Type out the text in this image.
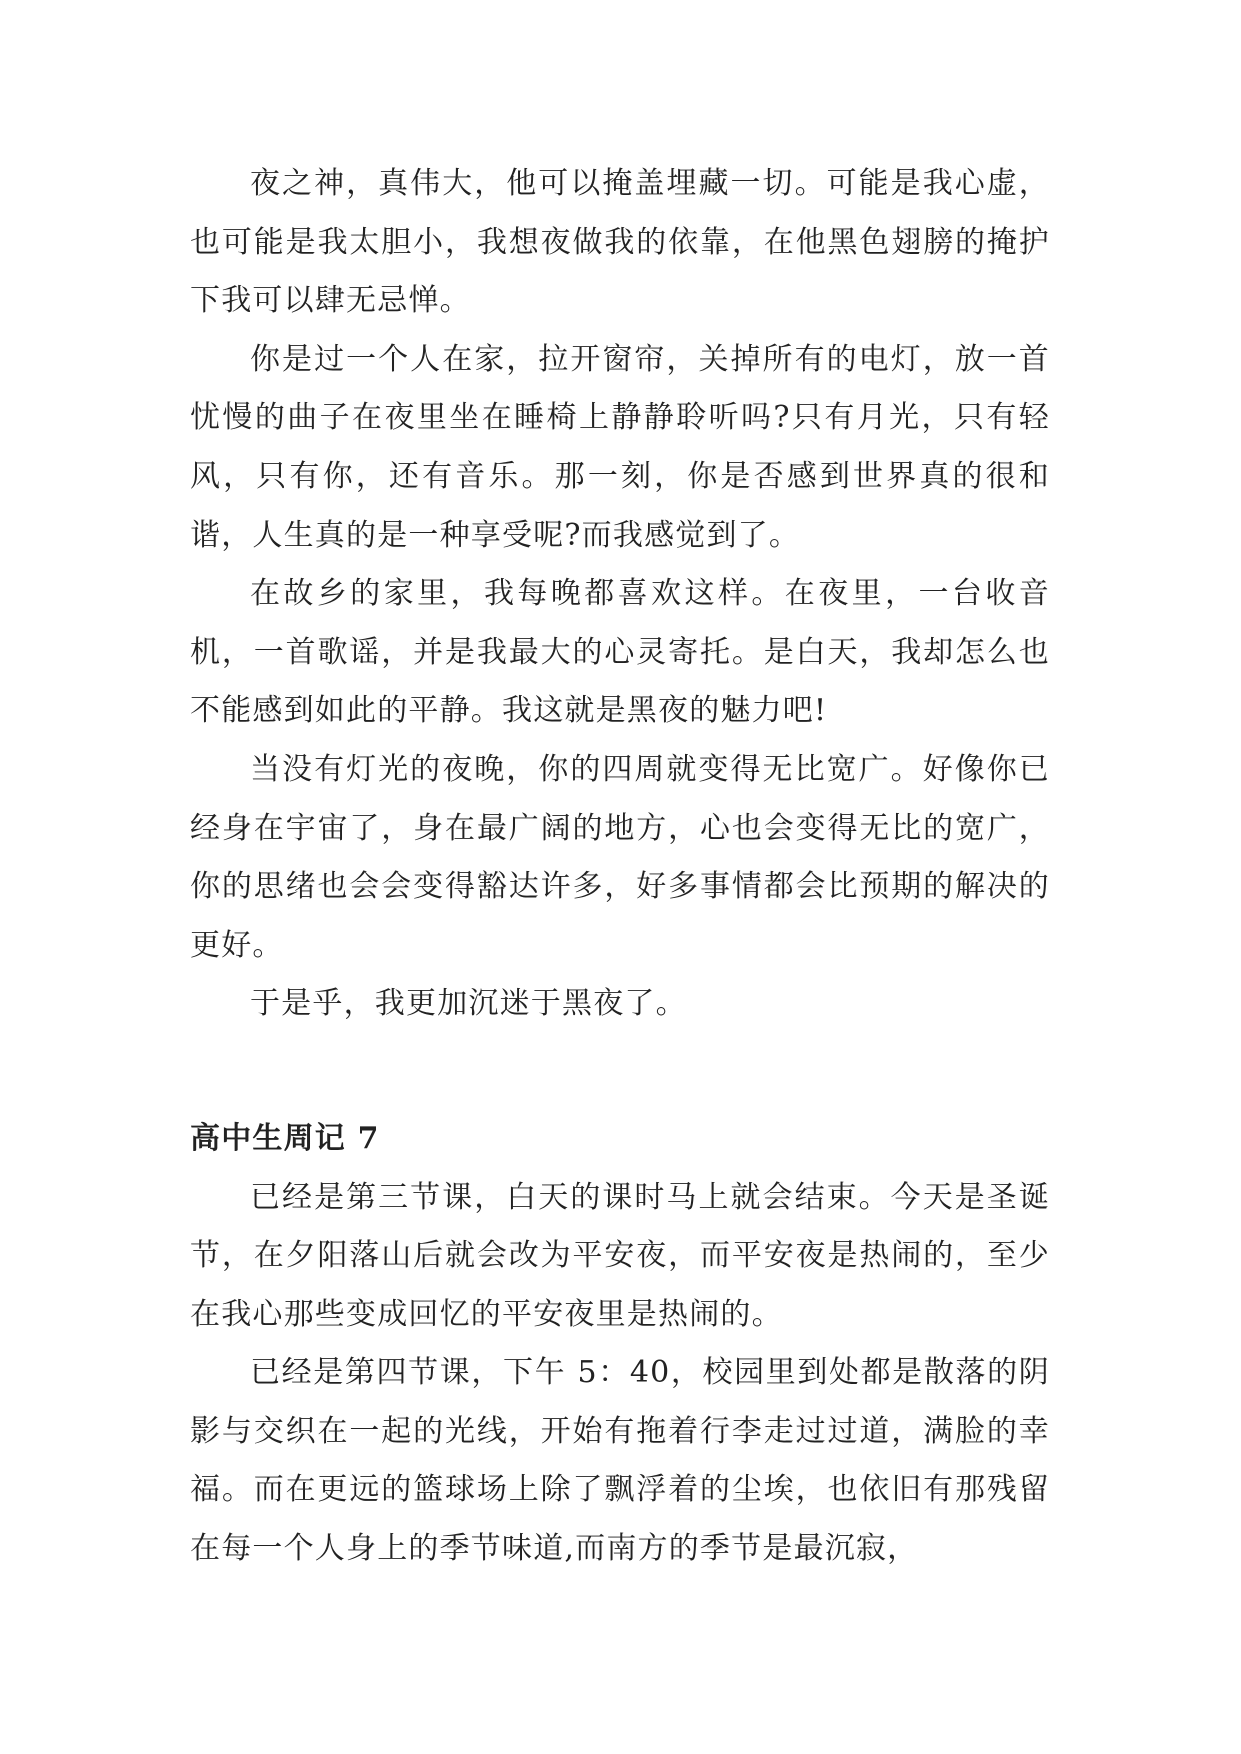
夜之神，真伟大，他可以掩盖埋藏一切。可能是我心虚，也可能是我太胆小，我想夜做我的依靠，在他黑色翅膀的掩护下我可以肆无忌惮。

你是过一个人在家，拉开窗帘，关掉所有的电灯，放一首忧慢的曲子在夜里坐在睡椅上静静聆听吗?只有月光，只有轻风，只有你，还有音乐。那一刻，你是否感到世界真的很和谐，人生真的是一种享受呢?而我感觉到了。

在故乡的家里，我每晚都喜欢这样。在夜里，一台收音机，一首歌谣，并是我最大的心灵寄托。是白天，我却怎么也不能感到如此的平静。我这就是黑夜的魅力吧!

当没有灯光的夜晚，你的四周就变得无比宽广。好像你已经身在宇宙了，身在最广阔的地方，心也会变得无比的宽广，你的思绪也会会变得豁达许多，好多事情都会比预期的解决的更好。

于是乎，我更加沉迷于黑夜了。

高中生周记 7

已经是第三节课，白天的课时马上就会结束。今天是圣诞节，在夕阳落山后就会改为平安夜，而平安夜是热闹的，至少在我心那些变成回忆的平安夜里是热闹的。

已经是第四节课，下午 5：40，校园里到处都是散落的阴影与交织在一起的光线，开始有拖着行李走过过道，满脸的幸福。而在更远的篮球场上除了飘浮着的尘埃，也依旧有那残留在每一个人身上的季节味道,而南方的季节是最沉寂，
